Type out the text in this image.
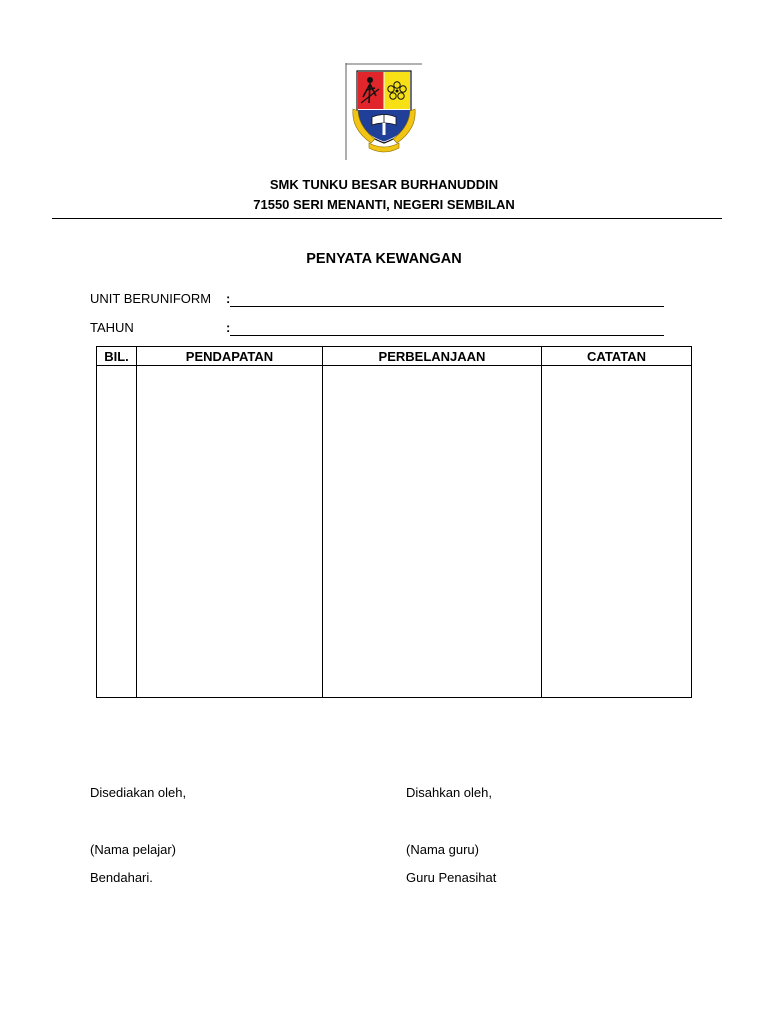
SMK TUNKU BESAR BURHANUDDIN
71550 SERI MENANTI, NEGERI SEMBILAN
PENYATA KEWANGAN
UNIT BERUNIFORM :
TAHUN	:
BIL.	PENDAPATAN	PERBELANJAAN	CATATAN

Disediakan oleh,	Disahkan oleh,
(Nama pelajar)	(Nama guru)
Bendahari.	Guru Penasihat
